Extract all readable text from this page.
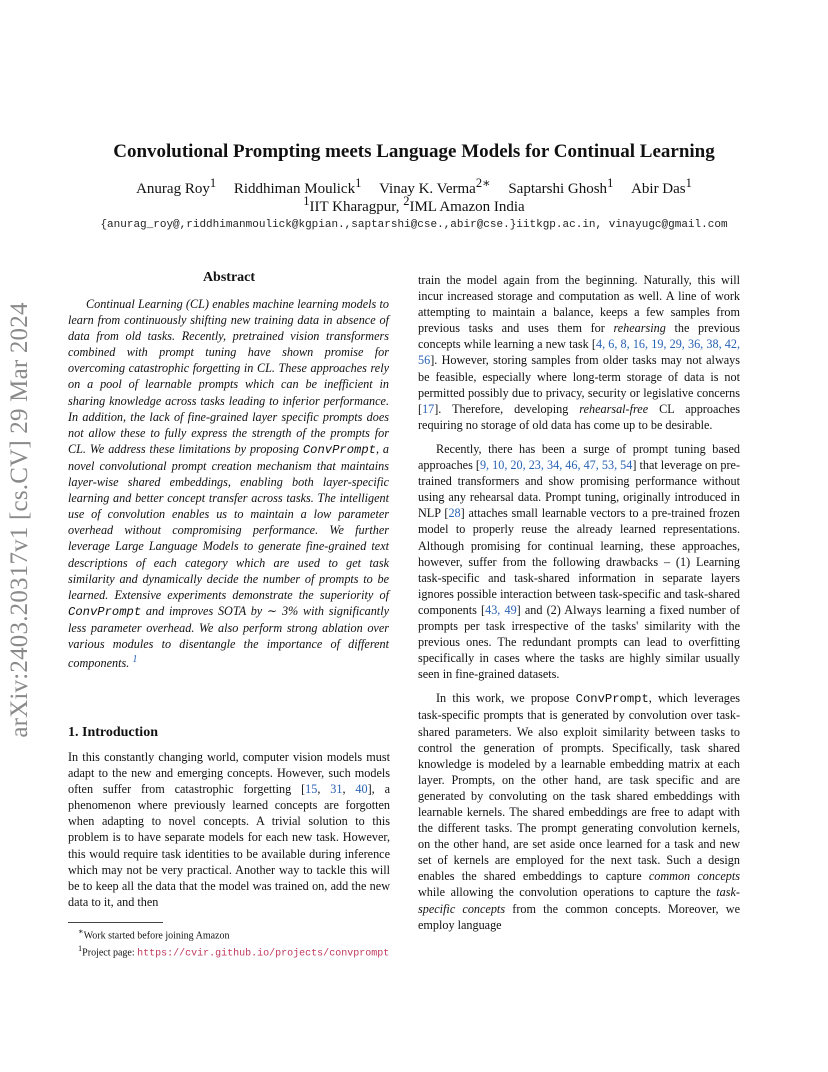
arXiv:2403.20317v1 [cs.CV] 29 Mar 2024
Convolutional Prompting meets Language Models for Continual Learning
Anurag Roy$^1$ Riddhiman Moulick$^1$ Vinay K. Verma$^{2∗}$ Saptarshi Ghosh$^1$ Abir Das$^1$
$^1$IIT Kharagpur, $^2$IML Amazon India
{anurag_roy@,riddhimanmoulick@kgpian.,saptarshi@cse.,abir@cse.}iitkgp.ac.in, vinayugc@gmail.com
Abstract

Continual Learning (CL) enables machine learning models to learn from continuously shifting new training data in absence of data from old tasks. Recently, pretrained vision transformers combined with prompt tuning have shown promise for overcoming catastrophic forgetting in CL. These approaches rely on a pool of learnable prompts which can be inefficient in sharing knowledge across tasks leading to inferior performance. In addition, the lack of fine-grained layer specific prompts does not allow these to fully express the strength of the prompts for CL. We address these limitations by proposing ConvPrompt, a novel convolutional prompt creation mechanism that maintains layer-wise shared embeddings, enabling both layer-specific learning and better concept transfer across tasks. The intelligent use of convolution enables us to maintain a low parameter overhead without compromising performance. We further leverage Large Language Models to generate fine-grained text descriptions of each category which are used to get task similarity and dynamically decide the number of prompts to be learned. Extensive experiments demonstrate the superiority of ConvPrompt and improves SOTA by ∼ 3% with significantly less parameter overhead. We also perform strong ablation over various modules to disentangle the importance of different components. $^1$

1. Introduction

In this constantly changing world, computer vision models must adapt to the new and emerging concepts. However, such models often suffer from catastrophic forgetting [15, 31, 40], a phenomenon where previously learned concepts are forgotten when adapting to novel concepts. A trivial solution to this problem is to have separate models for each new task. However, this would require task identities to be available during inference which may not be very practical. Another way to tackle this will be to keep all the data that the model was trained on, add the new data to it, and then

∗Work started before joining Amazon

$^1$Project page: https://cvir.github.io/projects/convprompt

train the model again from the beginning. Naturally, this will incur increased storage and computation as well. A line of work attempting to maintain a balance, keeps a few samples from previous tasks and uses them for rehearsing the previous concepts while learning a new task [4, 6, 8, 16, 19, 29, 36, 38, 42, 56]. However, storing samples from older tasks may not always be feasible, especially where long-term storage of data is not permitted possibly due to privacy, security or legislative concerns [17]. Therefore, developing rehearsal-free CL approaches requiring no storage of old data has come up to be desirable.

Recently, there has been a surge of prompt tuning based approaches [9, 10, 20, 23, 34, 46, 47, 53, 54] that leverage on pre-trained transformers and show promising performance without using any rehearsal data. Prompt tuning, originally introduced in NLP [28] attaches small learnable vectors to a pre-trained frozen model to properly reuse the already learned representations. Although promising for continual learning, these approaches, however, suffer from the following drawbacks – (1) Learning task-specific and task-shared information in separate layers ignores possible interaction between task-specific and task-shared components [43, 49] and (2) Always learning a fixed number of prompts per task irrespective of the tasks' similarity with the previous ones. The redundant prompts can lead to overfitting specifically in cases where the tasks are highly similar usually seen in fine-grained datasets.

In this work, we propose ConvPrompt, which leverages task-specific prompts that is generated by convolution over task-shared parameters. We also exploit similarity between tasks to control the generation of prompts. Specifically, task shared knowledge is modeled by a learnable embedding matrix at each layer. Prompts, on the other hand, are task specific and are generated by convoluting on the task shared embeddings with learnable kernels. The shared embeddings are free to adapt with the different tasks. The prompt generating convolution kernels, on the other hand, are set aside once learned for a task and new set of kernels are employed for the next task. Such a design enables the shared embeddings to capture common concepts while allowing the convolution operations to capture the task-specific concepts from the common concepts. Moreover, we employ language
